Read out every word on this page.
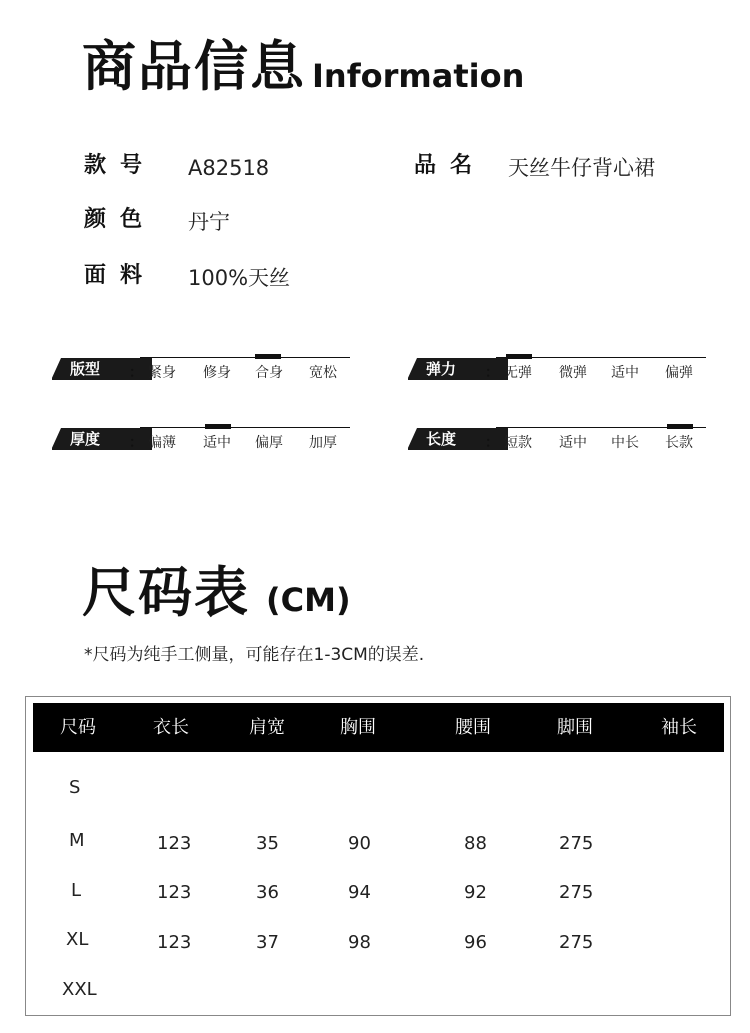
商品信息 Information
款号 A82518	品名 天丝牛仔背心裙
颜色 丹宁
面料 100%天丝
版型	： 紧身 修身 合身 宽松	弹力	： 无弹 微弹 适中 偏弹
厚度	： 偏薄 适中 偏厚 加厚	长度	： 短款 适中 中长 长款
尺码表 (CM)
*尺码为纯手工侧量，可能存在1-3CM的误差.
尺码	衣长	肩宽	胸围	腰围	脚围	袖长
S
M	123	35	90	88	275
L	123	36	94	92	275
XL	123	37	98	96	275
XXL
